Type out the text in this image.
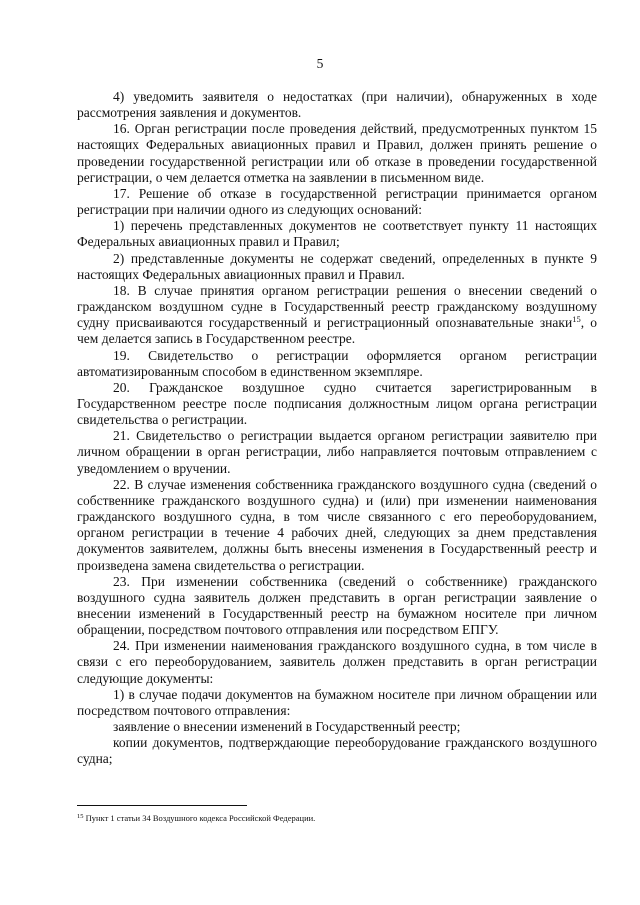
5

4) уведомить заявителя о недостатках (при наличии), обнаруженных в ходе рассмотрения заявления и документов.

16. Орган регистрации после проведения действий, предусмотренных пунктом 15 настоящих Федеральных авиационных правил и Правил, должен принять решение о проведении государственной регистрации или об отказе в проведении государственной регистрации, о чем делается отметка на заявлении в письменном виде.

17. Решение об отказе в государственной регистрации принимается органом регистрации при наличии одного из следующих оснований:

1) перечень представленных документов не соответствует пункту 11 настоящих Федеральных авиационных правил и Правил;

2) представленные документы не содержат сведений, определенных в пункте 9 настоящих Федеральных авиационных правил и Правил.

18. В случае принятия органом регистрации решения о внесении сведений о гражданском воздушном судне в Государственный реестр гражданскому воздушному судну присваиваются государственный и регистрационный опознавательные знаки$^{15}$, о чем делается запись в Государственном реестре.

19. Свидетельство о регистрации оформляется органом регистрации автоматизированным способом в единственном экземпляре.

20. Гражданское воздушное судно считается зарегистрированным в Государственном реестре после подписания должностным лицом органа регистрации свидетельства о регистрации.

21. Свидетельство о регистрации выдается органом регистрации заявителю при личном обращении в орган регистрации, либо направляется почтовым отправлением с уведомлением о вручении.

22. В случае изменения собственника гражданского воздушного судна (сведений о собственнике гражданского воздушного судна) и (или) при изменении наименования гражданского воздушного судна, в том числе связанного с его переоборудованием, органом регистрации в течение 4 рабочих дней, следующих за днем представления документов заявителем, должны быть внесены изменения в Государственный реестр и произведена замена свидетельства о регистрации.

23. При изменении собственника (сведений о собственнике) гражданского воздушного судна заявитель должен представить в орган регистрации заявление о внесении изменений в Государственный реестр на бумажном носителе при личном обращении, посредством почтового отправления или посредством ЕПГУ.

24. При изменении наименования гражданского воздушного судна, в том числе в связи с его переоборудованием, заявитель должен представить в орган регистрации следующие документы:

1) в случае подачи документов на бумажном носителе при личном обращении или посредством почтового отправления:

заявление о внесении изменений в Государственный реестр;

копии документов, подтверждающие переоборудование гражданского воздушного судна;

$^{15}$ Пункт 1 статьи 34 Воздушного кодекса Российской Федерации.
